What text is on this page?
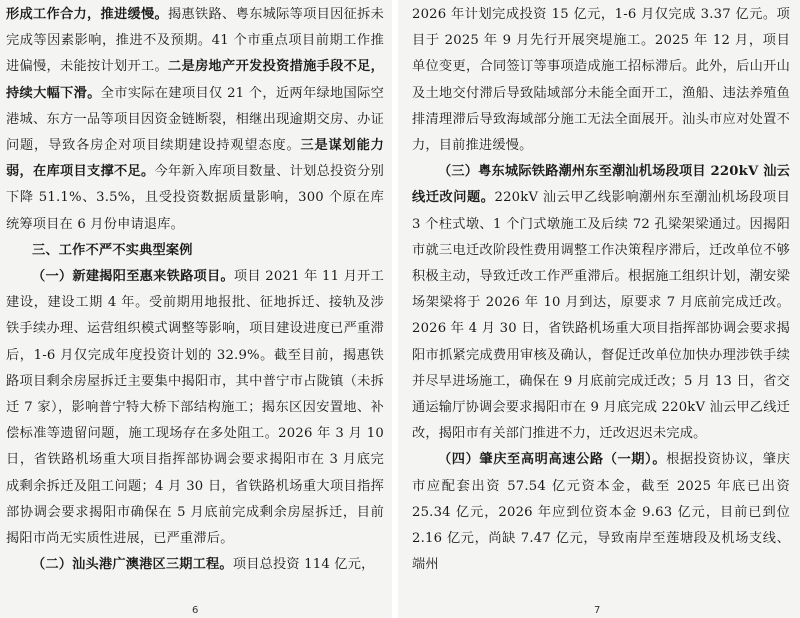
形成工作合力，推进缓慢。揭惠铁路、粤东城际等项目因征拆未完成等因素影响，推进不及预期。41 个市重点项目前期工作推进偏慢，未能按计划开工。二是房地产开发投资措施手段不足，持续大幅下滑。全市实际在建项目仅 21 个，近两年绿地国际空港城、东方一品等项目因资金链断裂，相继出现逾期交房、办证问题，导致各房企对项目续期建设持观望态度。三是谋划能力弱，在库项目支撑不足。今年新入库项目数量、计划总投资分别下降 51.1%、3.5%，且受投资数据质量影响，300 个原在库统筹项目在 6 月份申请退库。

三、工作不严不实典型案例

（一）新建揭阳至惠来铁路项目。项目 2021 年 11 月开工建设，建设工期 4 年。受前期用地报批、征地拆迁、接轨及涉铁手续办理、运营组织模式调整等影响，项目建设进度已严重滞后，1-6 月仅完成年度投资计划的 32.9%。截至目前，揭惠铁路项目剩余房屋拆迁主要集中揭阳市，其中普宁市占陇镇（未拆迁 7 家），影响普宁特大桥下部结构施工；揭东区因安置地、补偿标准等遗留问题，施工现场存在多处阻工。2026 年 3 月 10 日，省铁路机场重大项目指挥部协调会要求揭阳市在 3 月底完成剩余拆迁及阻工问题；4 月 30 日，省铁路机场重大项目指挥部协调会要求揭阳市确保在 5 月底前完成剩余房屋拆迁，目前揭阳市尚无实质性进展，已严重滞后。

（二）汕头港广澳港区三期工程。项目总投资 114 亿元，

6

2026 年计划完成投资 15 亿元，1-6 月仅完成 3.37 亿元。项目于 2025 年 9 月先行开展突堤施工。2025 年 12 月，项目单位变更，合同签订等事项造成施工招标滞后。此外，后山开山及土地交付滞后导致陆域部分未能全面开工，渔船、违法养殖鱼排清理滞后导致海域部分施工无法全面展开。汕头市应对处置不力，目前推进缓慢。

（三）粤东城际铁路潮州东至潮汕机场段项目 220kV 汕云线迁改问题。220kV 汕云甲乙线影响潮州东至潮汕机场段项目 3 个柱式墩、1 个门式墩施工及后续 72 孔梁架梁通过。因揭阳市就三电迁改阶段性费用调整工作决策程序滞后，迁改单位不够积极主动，导致迁改工作严重滞后。根据施工组织计划，潮安梁场架梁将于 2026 年 10 月到达，原要求 7 月底前完成迁改。2026 年 4 月 30 日，省铁路机场重大项目指挥部协调会要求揭阳市抓紧完成费用审核及确认，督促迁改单位加快办理涉铁手续并尽早进场施工，确保在 9 月底前完成迁改；5 月 13 日，省交通运输厅协调会要求揭阳市在 9 月底完成 220kV 汕云甲乙线迁改，揭阳市有关部门推进不力，迁改迟迟未完成。

（四）肇庆至高明高速公路（一期）。根据投资协议，肇庆市应配套出资 57.54 亿元资本金，截至 2025 年底已出资 25.34 亿元，2026 年应到位资本金 9.63 亿元，目前已到位 2.16 亿元，尚缺 7.47 亿元，导致南岸至莲塘段及机场支线、端州

7
